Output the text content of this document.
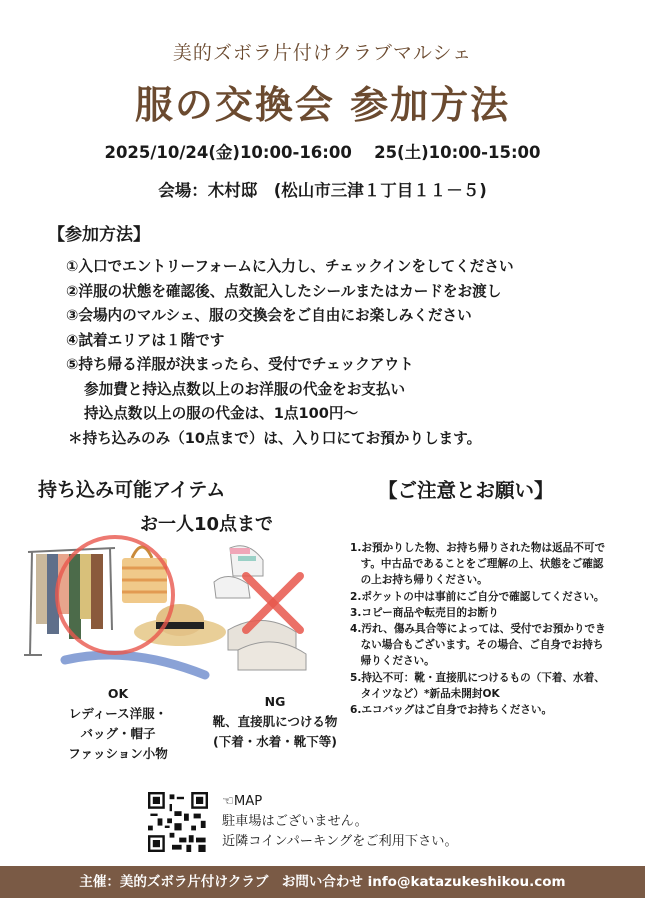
美的ズボラ片付けクラブマルシェ
服の交換会 参加方法
2025/10/24(金)10:00-16:00　 25(土)10:00-15:00
会場：木村邸　(松山市三津１丁目１１－５)
【参加方法】
①入口でエントリーフォームに入力し、チェックインをしてください
②洋服の状態を確認後、点数記入したシールまたはカードをお渡し
③会場内のマルシェ、服の交換会をご自由にお楽しみください
④試着エリアは１階です
⑤持ち帰る洋服が決まったら、受付でチェックアウト
参加費と持込点数以上のお洋服の代金をお支払い
持込点数以上の服の代金は、1点100円〜
＊持ち込みのみ（10点まで）は、入り口にてお預かりします。
持ち込み可能アイテム
お一人10点まで
OK
レディース洋服・
バッグ・帽子
ファッション小物
NG
靴、直接肌につける物
(下着・水着・靴下等)
【ご注意とお願い】
1.お預かりした物、お持ち帰りされた物は返品不可で
　す。中古品であることをご理解の上、状態をご確認
　の上お持ち帰りください。
2.ポケットの中は事前にご自分で確認してください。
3.コピー商品や転売目的お断り
4.汚れ、傷み具合等によっては、受付でお預かりでき
　ない場合もございます。その場合、ご自身でお持ち
　帰りください。
5.持込不可：靴・直接肌につけるもの（下着、水着、
　タイツなど）*新品未開封OK
6.エコバッグはご自身でお持ちください。
☜MAP
駐車場はございません。
近隣コインパーキングをご利用下さい。
主催：美的ズボラ片付けクラブ　お問い合わせ info@katazukeshikou.com
